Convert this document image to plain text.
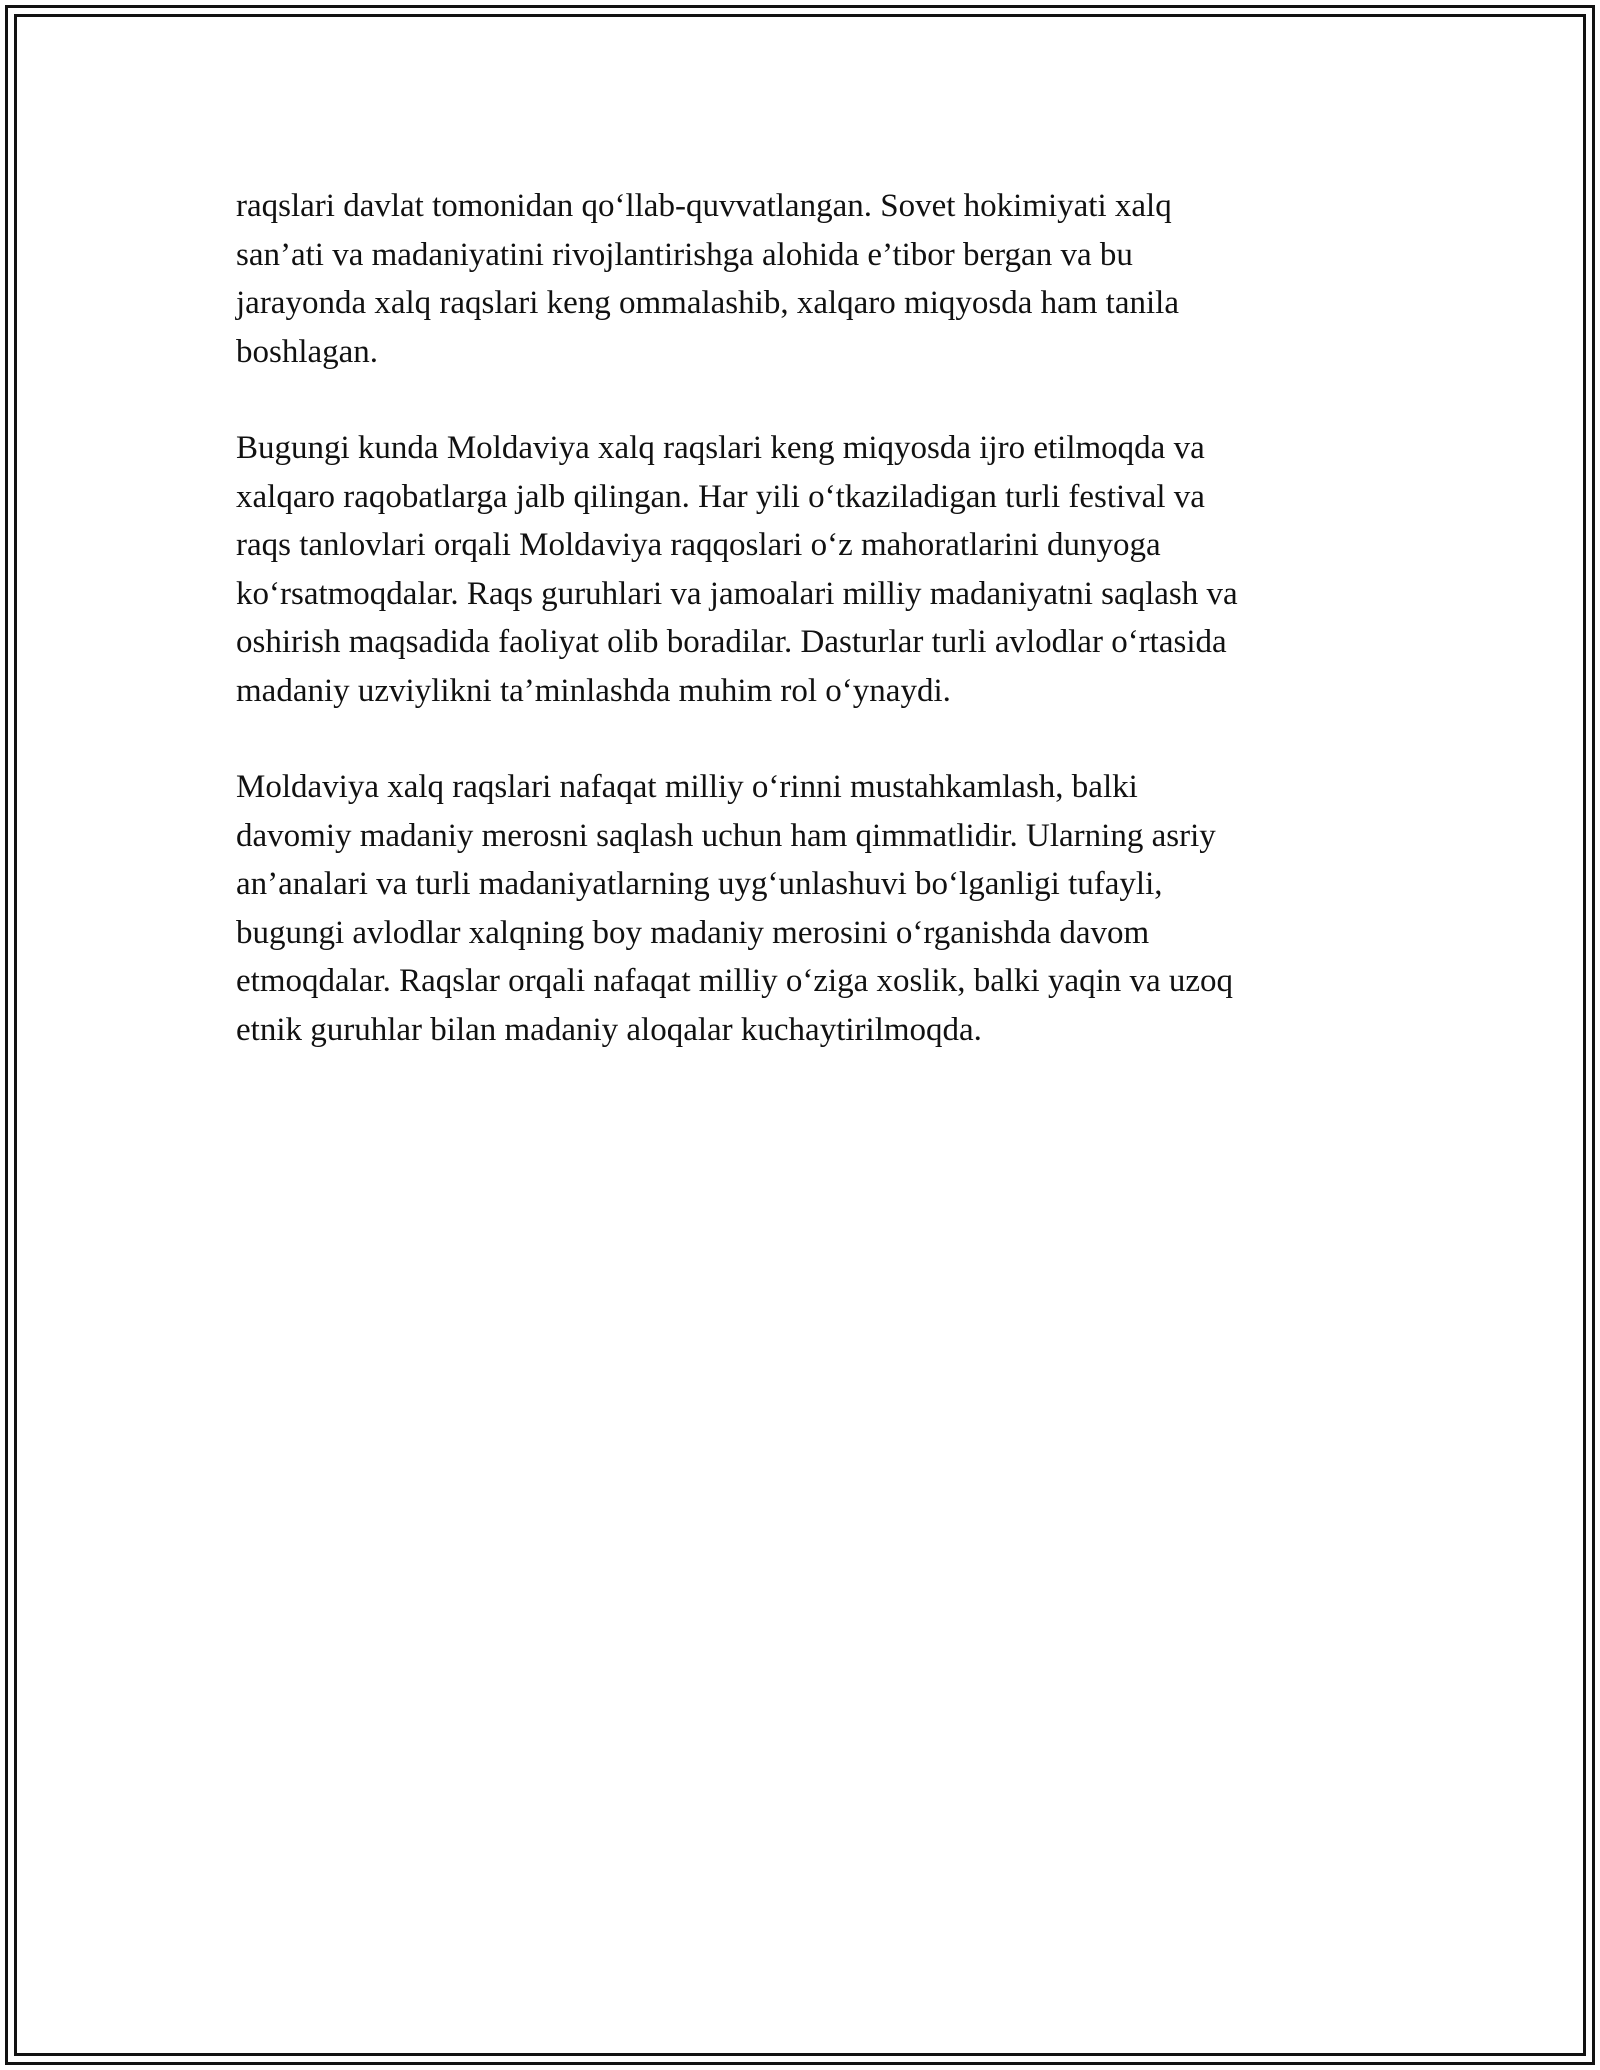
raqslari davlat tomonidan qo‘llab-quvvatlangan. Sovet hokimiyati xalq
san’ati va madaniyatini rivojlantirishga alohida e’tibor bergan va bu
jarayonda xalq raqslari keng ommalashib, xalqaro miqyosda ham tanila
boshlagan.

Bugungi kunda Moldaviya xalq raqslari keng miqyosda ijro etilmoqda va
xalqaro raqobatlarga jalb qilingan. Har yili o‘tkaziladigan turli festival va
raqs tanlovlari orqali Moldaviya raqqoslari o‘z mahoratlarini dunyoga
ko‘rsatmoqdalar. Raqs guruhlari va jamoalari milliy madaniyatni saqlash va
oshirish maqsadida faoliyat olib boradilar. Dasturlar turli avlodlar o‘rtasida
madaniy uzviylikni ta’minlashda muhim rol o‘ynaydi.

Moldaviya xalq raqslari nafaqat milliy o‘rinni mustahkamlash, balki
davomiy madaniy merosni saqlash uchun ham qimmatlidir. Ularning asriy
an’analari va turli madaniyatlarning uyg‘unlashuvi bo‘lganligi tufayli,
bugungi avlodlar xalqning boy madaniy merosini o‘rganishda davom
etmoqdalar. Raqslar orqali nafaqat milliy o‘ziga xoslik, balki yaqin va uzoq
etnik guruhlar bilan madaniy aloqalar kuchaytirilmoqda.
